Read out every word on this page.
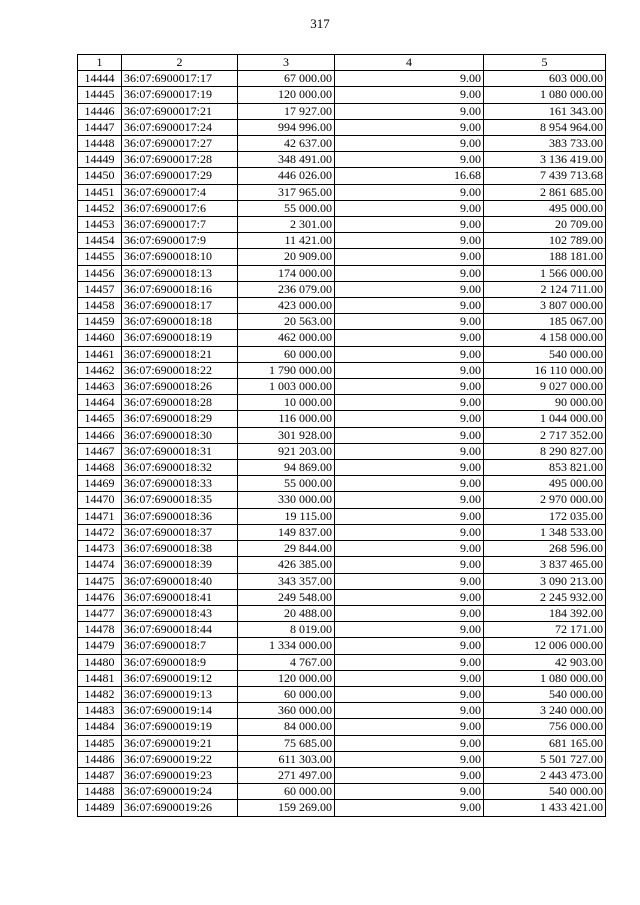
317
1	2	3	4	5
14444	36:07:6900017:17	67 000.00	9.00	603 000.00
14445	36:07:6900017:19	120 000.00	9.00	1 080 000.00
14446	36:07:6900017:21	17 927.00	9.00	161 343.00
14447	36:07:6900017:24	994 996.00	9.00	8 954 964.00
14448	36:07:6900017:27	42 637.00	9.00	383 733.00
14449	36:07:6900017:28	348 491.00	9.00	3 136 419.00
14450	36:07:6900017:29	446 026.00	16.68	7 439 713.68
14451	36:07:6900017:4	317 965.00	9.00	2 861 685.00
14452	36:07:6900017:6	55 000.00	9.00	495 000.00
14453	36:07:6900017:7	2 301.00	9.00	20 709.00
14454	36:07:6900017:9	11 421.00	9.00	102 789.00
14455	36:07:6900018:10	20 909.00	9.00	188 181.00
14456	36:07:6900018:13	174 000.00	9.00	1 566 000.00
14457	36:07:6900018:16	236 079.00	9.00	2 124 711.00
14458	36:07:6900018:17	423 000.00	9.00	3 807 000.00
14459	36:07:6900018:18	20 563.00	9.00	185 067.00
14460	36:07:6900018:19	462 000.00	9.00	4 158 000.00
14461	36:07:6900018:21	60 000.00	9.00	540 000.00
14462	36:07:6900018:22	1 790 000.00	9.00	16 110 000.00
14463	36:07:6900018:26	1 003 000.00	9.00	9 027 000.00
14464	36:07:6900018:28	10 000.00	9.00	90 000.00
14465	36:07:6900018:29	116 000.00	9.00	1 044 000.00
14466	36:07:6900018:30	301 928.00	9.00	2 717 352.00
14467	36:07:6900018:31	921 203.00	9.00	8 290 827.00
14468	36:07:6900018:32	94 869.00	9.00	853 821.00
14469	36:07:6900018:33	55 000.00	9.00	495 000.00
14470	36:07:6900018:35	330 000.00	9.00	2 970 000.00
14471	36:07:6900018:36	19 115.00	9.00	172 035.00
14472	36:07:6900018:37	149 837.00	9.00	1 348 533.00
14473	36:07:6900018:38	29 844.00	9.00	268 596.00
14474	36:07:6900018:39	426 385.00	9.00	3 837 465.00
14475	36:07:6900018:40	343 357.00	9.00	3 090 213.00
14476	36:07:6900018:41	249 548.00	9.00	2 245 932.00
14477	36:07:6900018:43	20 488.00	9.00	184 392.00
14478	36:07:6900018:44	8 019.00	9.00	72 171.00
14479	36:07:6900018:7	1 334 000.00	9.00	12 006 000.00
14480	36:07:6900018:9	4 767.00	9.00	42 903.00
14481	36:07:6900019:12	120 000.00	9.00	1 080 000.00
14482	36:07:6900019:13	60 000.00	9.00	540 000.00
14483	36:07:6900019:14	360 000.00	9.00	3 240 000.00
14484	36:07:6900019:19	84 000.00	9.00	756 000.00
14485	36:07:6900019:21	75 685.00	9.00	681 165.00
14486	36:07:6900019:22	611 303.00	9.00	5 501 727.00
14487	36:07:6900019:23	271 497.00	9.00	2 443 473.00
14488	36:07:6900019:24	60 000.00	9.00	540 000.00
14489	36:07:6900019:26	159 269.00	9.00	1 433 421.00
